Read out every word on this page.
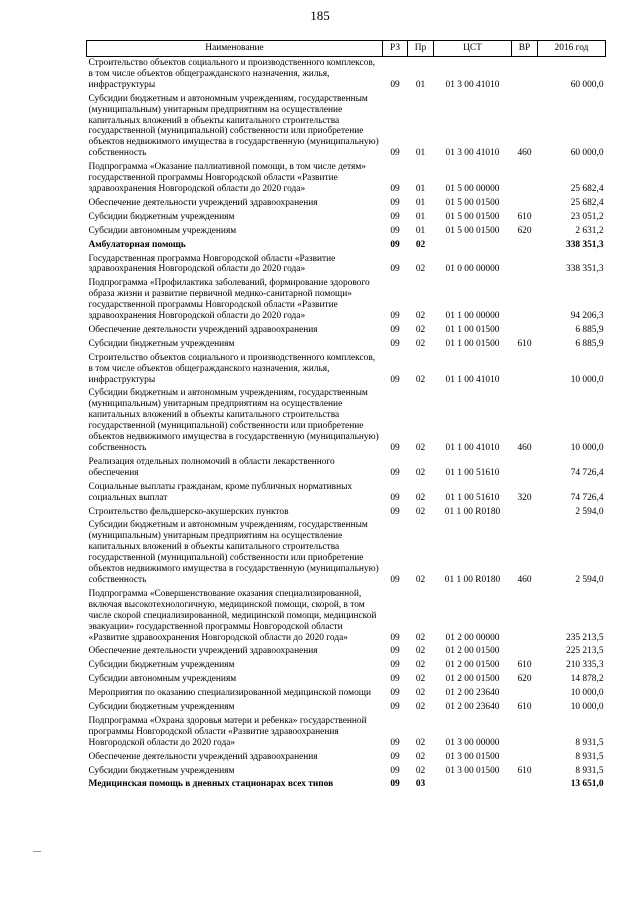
185
Наименование	РЗ	Пр	ЦСТ	ВР	2016 год
Строительство объектов социального и производственного комплексов, в том числе объектов общегражданского назначения, жилья, инфраструктуры	09	01	01 3 00 41010		60 000,0
Субсидии бюджетным и автономным учреждениям, государственным (муниципальным) унитарным предприятиям на осуществление капитальных вложений в объекты капитального строительства государственной (муниципальной) собственности или приобретение объектов недвижимого имущества в государственную (муниципальную) собственность	09	01	01 3 00 41010	460	60 000,0
Подпрограмма «Оказание паллиативной помощи, в том числе детям» государственной программы Новгородской области «Развитие здравоохранения Новгородской области до 2020 года»	09	01	01 5 00 00000		25 682,4
Обеспечение деятельности учреждений здравоохранения	09	01	01 5 00 01500		25 682,4
Субсидии бюджетным учреждениям	09	01	01 5 00 01500	610	23 051,2
Субсидии автономным учреждениям	09	01	01 5 00 01500	620	2 631,2
Амбулаторная помощь	09	02			338 351,3
Государственная программа Новгородской области «Развитие здравоохранения Новгородской области до 2020 года»	09	02	01 0 00 00000		338 351,3
Подпрограмма «Профилактика заболеваний, формирование здорового образа жизни и развитие первичной медико-санитарной помощи» государственной программы Новгородской области «Развитие здравоохранения Новгородской области до 2020 года»	09	02	01 1 00 00000		94 206,3
Обеспечение деятельности учреждений здравоохранения	09	02	01 1 00 01500		6 885,9
Субсидии бюджетным учреждениям	09	02	01 1 00 01500	610	6 885,9
Строительство объектов социального и производственного комплексов, в том числе объектов общегражданского назначения, жилья, инфраструктуры	09	02	01 1 00 41010		10 000,0
Субсидии бюджетным и автономным учреждениям, государственным (муниципальным) унитарным предприятиям на осуществление капитальных вложений в объекты капитального строительства государственной (муниципальной) собственности или приобретение объектов недвижимого имущества в государственную (муниципальную) собственность	09	02	01 1 00 41010	460	10 000,0
Реализация отдельных полномочий в области лекарственного обеспечения	09	02	01 1 00 51610		74 726,4
Социальные выплаты гражданам, кроме публичных нормативных социальных выплат	09	02	01 1 00 51610	320	74 726,4
Строительство фельдшерско-акушерских пунктов	09	02	01 1 00 R0180		2 594,0
Субсидии бюджетным и автономным учреждениям, государственным (муниципальным) унитарным предприятиям на осуществление капитальных вложений в объекты капитального строительства государственной (муниципальной) собственности или приобретение объектов недвижимого имущества в государственную (муниципальную) собственность	09	02	01 1 00 R0180	460	2 594,0
Подпрограмма «Совершенствование оказания специализированной, включая высокотехнологичную, медицинской помощи, скорой, в том числе скорой специализированной, медицинской помощи, медицинской эвакуации» государственной программы Новгородской области «Развитие здравоохранения Новгородской области до 2020 года»	09	02	01 2 00 00000		235 213,5
Обеспечение деятельности учреждений здравоохранения	09	02	01 2 00 01500		225 213,5
Субсидии бюджетным учреждениям	09	02	01 2 00 01500	610	210 335,3
Субсидии автономным учреждениям	09	02	01 2 00 01500	620	14 878,2
Мероприятия по оказанию специализированной медицинской помощи	09	02	01 2 00 23640		10 000,0
Субсидии бюджетным учреждениям	09	02	01 2 00 23640	610	10 000,0
Подпрограмма «Охрана здоровья матери и ребенка» государственной программы Новгородской области «Развитие здравоохранения Новгородской области до 2020 года»	09	02	01 3 00 00000		8 931,5
Обеспечение деятельности учреждений здравоохранения	09	02	01 3 00 01500		8 931,5
Субсидии бюджетным учреждениям	09	02	01 3 00 01500	610	8 931,5
Медицинская помощь в дневных стационарах всех типов	09	03			13 651,0
